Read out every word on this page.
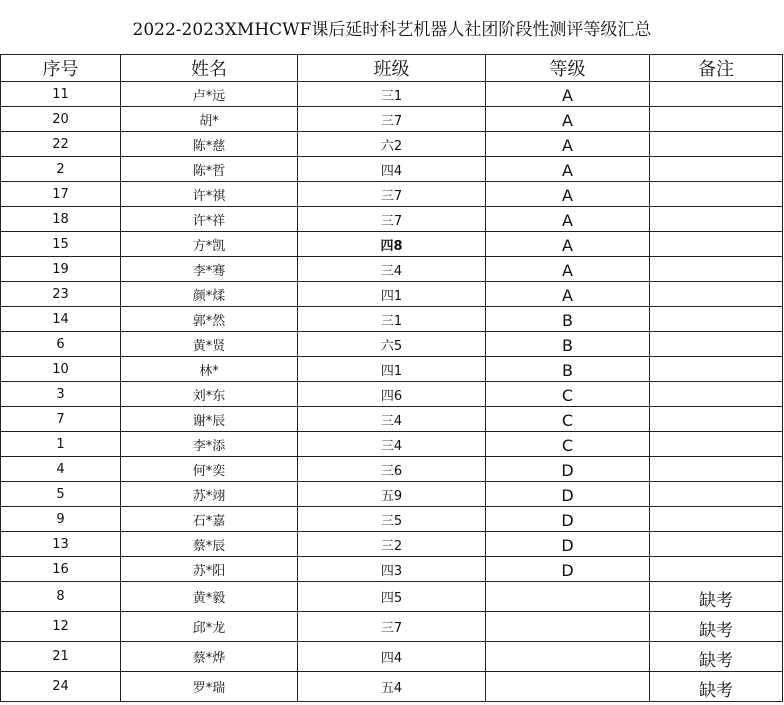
2022-2023XMHCWF课后延时科艺机器人社团阶段性测评等级汇总
序号	姓名	班级	等级	备注
11	卢*远	三1	A	
20	胡*	三7	A	
22	陈*慈	六2	A	
2	陈*哲	四4	A	
17	许*祺	三7	A	
18	许*祥	三7	A	
15	方*凯	四8	A	
19	李*骞	三4	A	
23	颜*煣	四1	A	
14	郭*然	三1	B	
6	黄*贤	六5	B	
10	林*	四1	B	
3	刘*东	四6	C	
7	谢*辰	三4	C	
1	李*添	三4	C	
4	何*奕	三6	D	
5	苏*翊	五9	D	
9	石*嘉	三5	D	
13	蔡*辰	三2	D	
16	苏*阳	四3	D	
8	黄*毅	四5		缺考
12	邱*龙	三7		缺考
21	蔡*烨	四4		缺考
24	罗*瑞	五4		缺考
